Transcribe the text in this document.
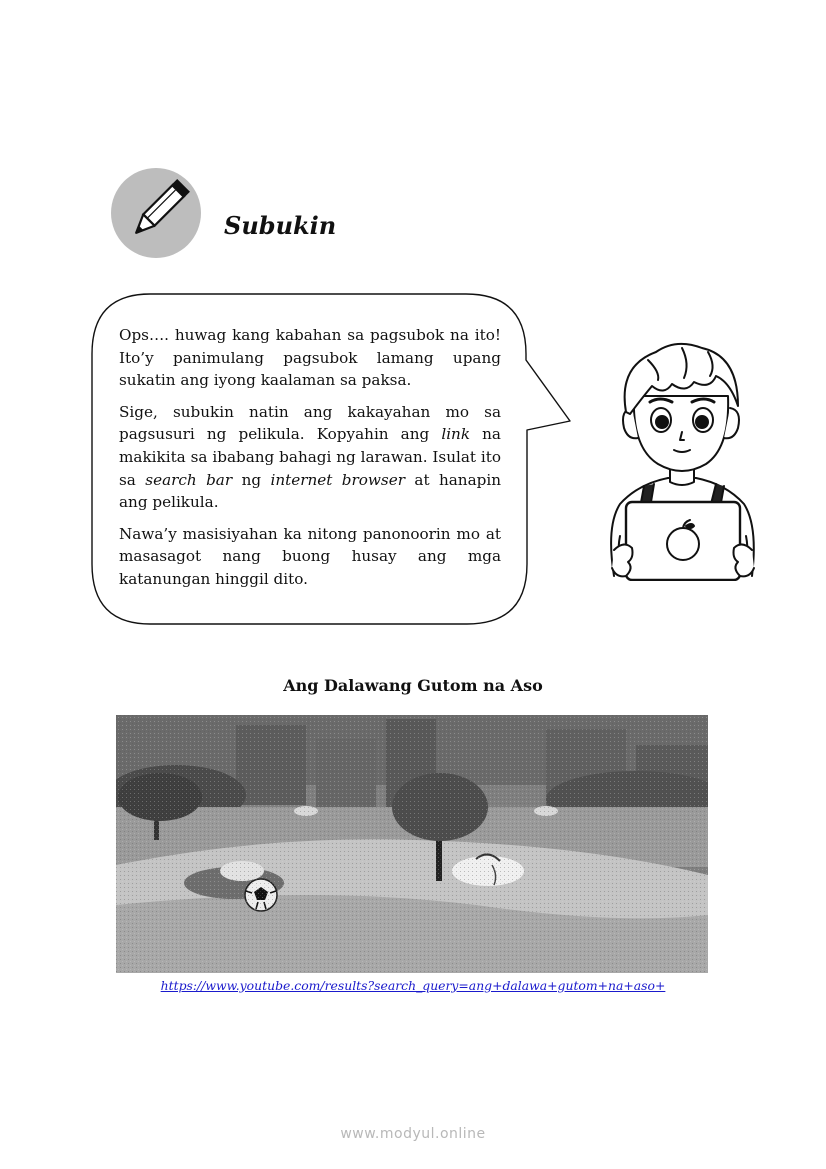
Subukin

Ops…. huwag kang kabahan sa pagsubok na ito! Ito’y panimulang pagsubok lamang upang sukatin ang iyong kaalaman sa paksa.

Sige, subukin natin ang kakayahan mo sa pagsusuri ng pelikula. Kopyahin ang link na makikita sa ibabang bahagi ng larawan. Isulat ito sa search bar ng internet browser at hanapin ang pelikula.

Nawa’y masisiyahan ka nitong panonoorin mo at masasagot nang buong husay ang mga katanungan hinggil dito.

Ang Dalawang Gutom na Aso
https://www.youtube.com/results?search_query=ang+dalawa+gutom+na+aso+
www.modyul.online
